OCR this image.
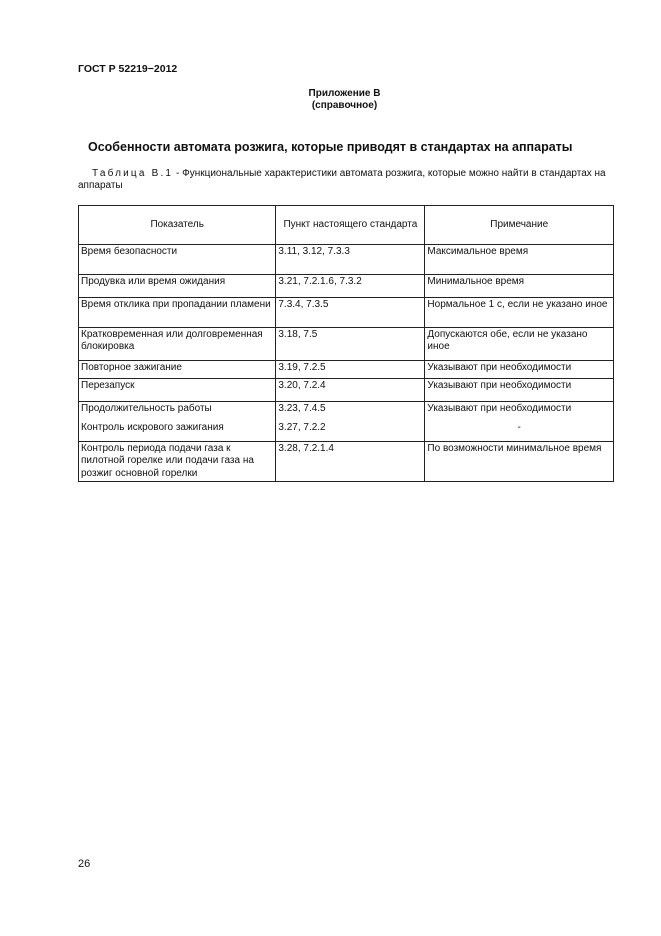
ГОСТ Р 52219−2012
Приложение В
(справочное)
Особенности автомата розжига, которые приводят в стандартах на аппараты
Таблица В.1 - Функциональные характеристики автомата розжига, которые можно найти в стандартах на аппараты
Показатель	Пункт настоящего стандарта	Примечание
Время безопасности	3.11, 3.12, 7.3.3	Максимальное время
Продувка или время ожидания	3.21, 7.2.1.6, 7.3.2	Минимальное время
Время отклика при пропадании пламени	7.3.4, 7.3.5	Нормальное 1 с, если не указано иное
Кратковременная или долговременная блокировка	3.18, 7.5	Допускаются обе, если не указано иное
Повторное зажигание	3.19, 7.2.5	Указывают при необходимости
Перезапуск	3.20, 7.2.4	Указывают при необходимости
Продолжительность работы	3.23, 7.4.5	Указывают при необходимости
Контроль искрового зажигания	3.27, 7.2.2	-
Контроль периода подачи газа к пилотной горелке или подачи газа на розжиг основной горелки	3.28, 7.2.1.4	По возможности минимальное время
26
